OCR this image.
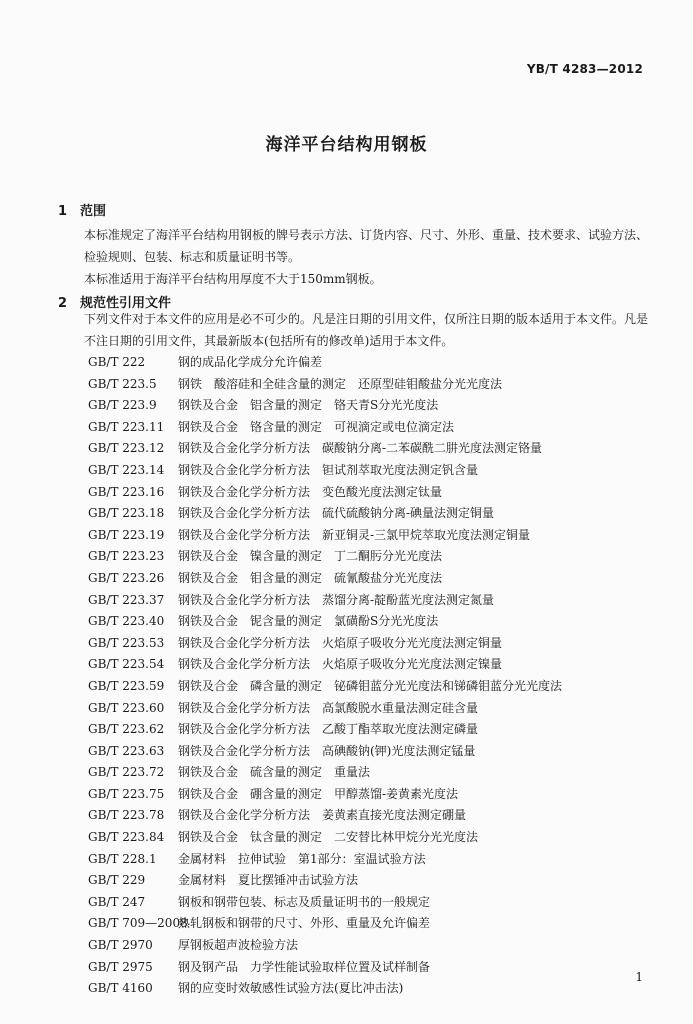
YB/T 4283—2012
海洋平台结构用钢板
1 范围
本标准规定了海洋平台结构用钢板的牌号表示方法、订货内容、尺寸、外形、重量、技术要求、试验方法、检验规则、包装、标志和质量证明书等。
本标准适用于海洋平台结构用厚度不大于150mm钢板。
2 规范性引用文件
下列文件对于本文件的应用是必不可少的。凡是注日期的引用文件，仅所注日期的版本适用于本文件。凡是不注日期的引用文件，其最新版本(包括所有的修改单)适用于本文件。
GB/T 222	钢的成品化学成分允许偏差
GB/T 223.5 钢铁　酸溶硅和全硅含量的测定　还原型硅钼酸盐分光光度法
GB/T 223.9 钢铁及合金　铝含量的测定　铬天青S分光光度法
GB/T 223.11 钢铁及合金　铬含量的测定　可视滴定或电位滴定法
GB/T 223.12 钢铁及合金化学分析方法　碳酸钠分离-二苯碳酰二肼光度法测定铬量
GB/T 223.14 钢铁及合金化学分析方法　钽试剂萃取光度法测定钒含量
GB/T 223.16 钢铁及合金化学分析方法　变色酸光度法测定钛量
GB/T 223.18 钢铁及合金化学分析方法　硫代硫酸钠分离-碘量法测定铜量
GB/T 223.19 钢铁及合金化学分析方法　新亚铜灵-三氯甲烷萃取光度法测定铜量
GB/T 223.23 钢铁及合金　镍含量的测定　丁二酮肟分光光度法
GB/T 223.26 钢铁及合金　钼含量的测定　硫氰酸盐分光光度法
GB/T 223.37 钢铁及合金化学分析方法　蒸馏分离-靛酚蓝光度法测定氮量
GB/T 223.40 钢铁及合金　铌含量的测定　氯磺酚S分光光度法
GB/T 223.53 钢铁及合金化学分析方法　火焰原子吸收分光光度法测定铜量
GB/T 223.54 钢铁及合金化学分析方法　火焰原子吸收分光光度法测定镍量
GB/T 223.59 钢铁及合金　磷含量的测定　铋磷钼蓝分光光度法和锑磷钼蓝分光光度法
GB/T 223.60 钢铁及合金化学分析方法　高氯酸脱水重量法测定硅含量
GB/T 223.62 钢铁及合金化学分析方法　乙酸丁酯萃取光度法测定磷量
GB/T 223.63 钢铁及合金化学分析方法　高碘酸钠(钾)光度法测定锰量
GB/T 223.72 钢铁及合金　硫含量的测定　重量法
GB/T 223.75 钢铁及合金　硼含量的测定　甲醇蒸馏-姜黄素光度法
GB/T 223.78 钢铁及合金化学分析方法　姜黄素直接光度法测定硼量
GB/T 223.84 钢铁及合金　钛含量的测定　二安替比林甲烷分光光度法
GB/T 228.1 金属材料　拉伸试验　第1部分：室温试验方法
GB/T 229	金属材料　夏比摆锤冲击试验方法
GB/T 247	钢板和钢带包装、标志及质量证明书的一般规定
GB/T 709—2008热轧钢板和钢带的尺寸、外形、重量及允许偏差
GB/T 2970 厚钢板超声波检验方法
GB/T 2975 钢及钢产品　力学性能试验取样位置及试样制备
GB/T 4160 钢的应变时效敏感性试验方法(夏比冲击法)
1
